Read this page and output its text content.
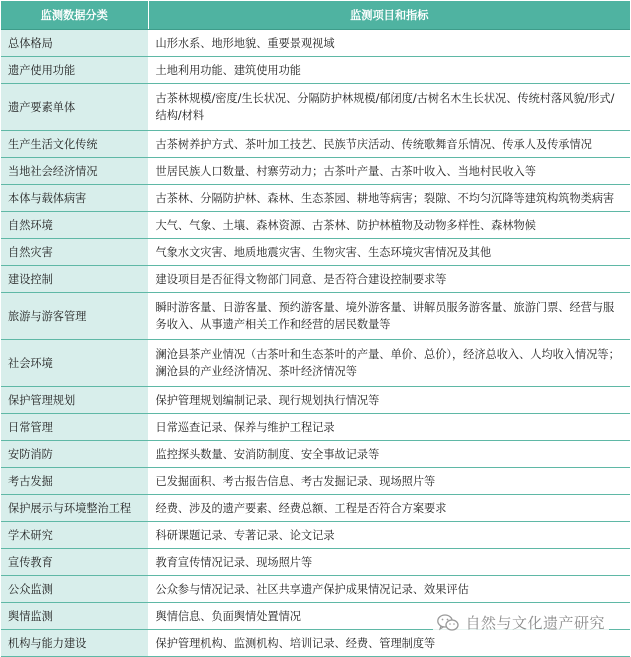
监测数据分类	监测项目和指标
总体格局	山形水系、地形地貌、重要景观视域
遗产使用功能	土地利用功能、建筑使用功能
遗产要素单体	古茶林规模/密度/生长状况、分隔防护林规模/郁闭度/古树名木生长状况、传统村落风貌/形式/结构/材料
生产生活文化传统	古茶树养护方式、茶叶加工技艺、民族节庆活动、传统歌舞音乐情况、传承人及传承情况
当地社会经济情况	世居民族人口数量、村寨劳动力；古茶叶产量、古茶叶收入、当地村民收入等
本体与载体病害	古茶林、分隔防护林、森林、生态茶园、耕地等病害；裂隙、不均匀沉降等建筑构筑物类病害
自然环境	大气、气象、土壤、森林资源、古茶林、防护林植物及动物多样性、森林物候
自然灾害	气象水文灾害、地质地震灾害、生物灾害、生态环境灾害情况及其他
建设控制	建设项目是否征得文物部门同意、是否符合建设控制要求等
旅游与游客管理	瞬时游客量、日游客量、预约游客量、境外游客量、讲解员服务游客量、旅游门票、经营与服务收入、从事遗产相关工作和经营的居民数量等
社会环境	澜沧县茶产业情况（古茶叶和生态茶叶的产量、单价、总价），经济总收入、人均收入情况等；澜沧县的产业经济情况、茶叶经济情况等
保护管理规划	保护管理规划编制记录、现行规划执行情况等
日常管理	日常巡查记录、保养与维护工程记录
安防消防	监控探头数量、安消防制度、安全事故记录等
考古发掘	已发掘面积、考古报告信息、考古发掘记录、现场照片等
保护展示与环境整治工程	经费、涉及的遗产要素、经费总额、工程是否符合方案要求
学术研究	科研课题记录、专著记录、论文记录
宣传教育	教育宣传情况记录、现场照片等
公众监测	公众参与情况记录、社区共享遗产保护成果情况记录、效果评估
舆情监测	舆情信息、负面舆情处置情况
机构与能力建设	保护管理机构、监测机构、培训记录、经费、管理制度等
自然与文化遗产研究
